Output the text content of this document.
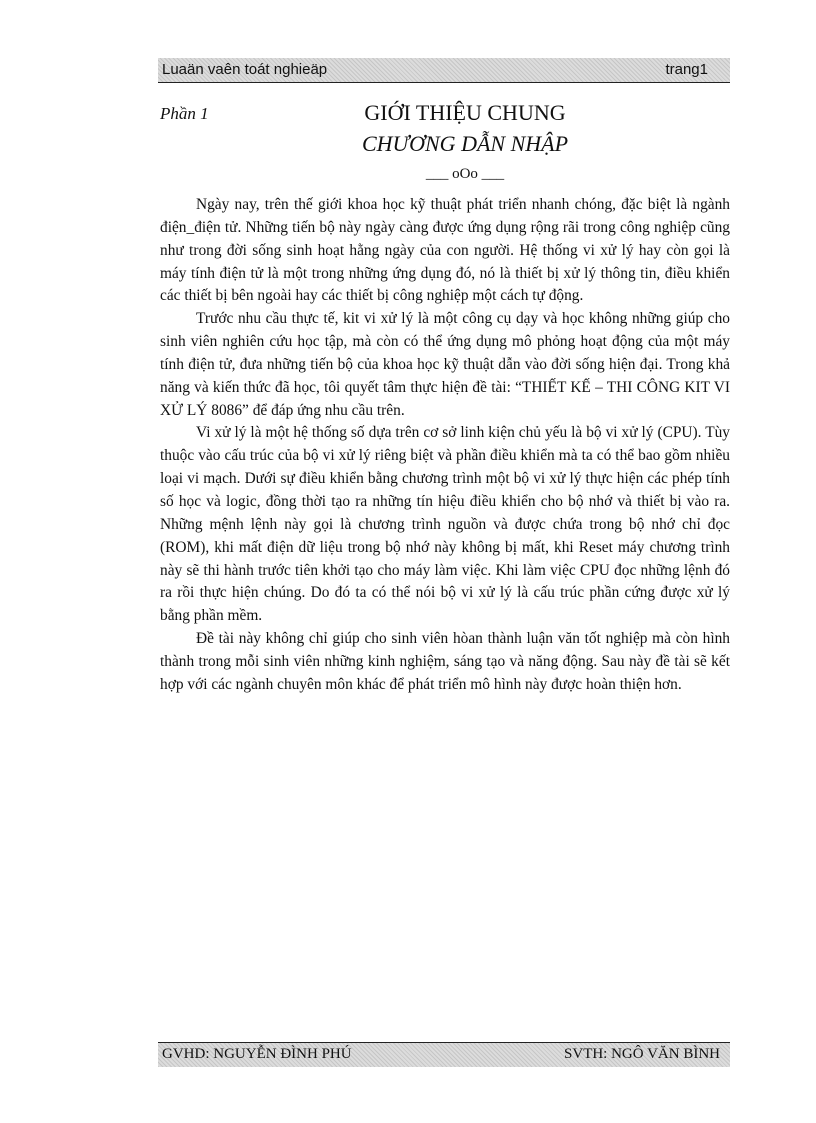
Luaän vaên toát nghieäp	trang1
Phần 1	GIỚI THIỆU CHUNG
CHƯƠNG DẪN NHẬP
___ oOo ___

Ngày nay, trên thế giới khoa học kỹ thuật phát triển nhanh chóng, đặc biệt là ngành điện_điện tử. Những tiến bộ này ngày càng được ứng dụng rộng rãi trong công nghiệp cũng như trong đời sống sinh hoạt hằng ngày của con người. Hệ thống vi xử lý hay còn gọi là máy tính điện tử là một trong những ứng dụng đó, nó là thiết bị xử lý thông tin, điều khiển các thiết bị bên ngoài hay các thiết bị công nghiệp một cách tự động.

Trước nhu cầu thực tế, kit vi xử lý là một công cụ dạy và học không những giúp cho sinh viên nghiên cứu học tập, mà còn có thể ứng dụng mô phỏng hoạt động của một máy tính điện tử, đưa những tiến bộ của khoa học kỹ thuật dẫn vào đời sống hiện đại. Trong khả năng và kiến thức đã học, tôi quyết tâm thực hiện đề tài: “THIẾT KẾ – THI CÔNG KIT VI XỬ LÝ 8086” để đáp ứng nhu cầu trên.

Vi xử lý là một hệ thống số dựa trên cơ sở linh kiện chủ yếu là bộ vi xử lý (CPU). Tùy thuộc vào cấu trúc của bộ vi xử lý riêng biệt và phần điều khiển mà ta có thể bao gồm nhiều loại vi mạch. Dưới sự điều khiển bằng chương trình một bộ vi xử lý thực hiện các phép tính số học và logic, đồng thời tạo ra những tín hiệu điều khiển cho bộ nhớ và thiết bị vào ra. Những mệnh lệnh này gọi là chương trình nguồn và được chứa trong bộ nhớ chỉ đọc (ROM), khi mất điện dữ liệu trong bộ nhớ này không bị mất, khi Reset máy chương trình này sẽ thi hành trước tiên khởi tạo cho máy làm việc. Khi làm việc CPU đọc những lệnh đó ra rồi thực hiện chúng. Do đó ta có thể nói bộ vi xử lý là cấu trúc phần cứng được xử lý bằng phần mềm.

Đề tài này không chỉ giúp cho sinh viên hòan thành luận văn tốt nghiệp mà còn hình thành trong mỗi sinh viên những kinh nghiệm, sáng tạo và năng động. Sau này đề tài sẽ kết hợp với các ngành chuyên môn khác để phát triển mô hình này được hoàn thiện hơn.

GVHD: NGUYỄN ĐÌNH PHÚ	SVTH: NGÔ VĂN BÌNH
